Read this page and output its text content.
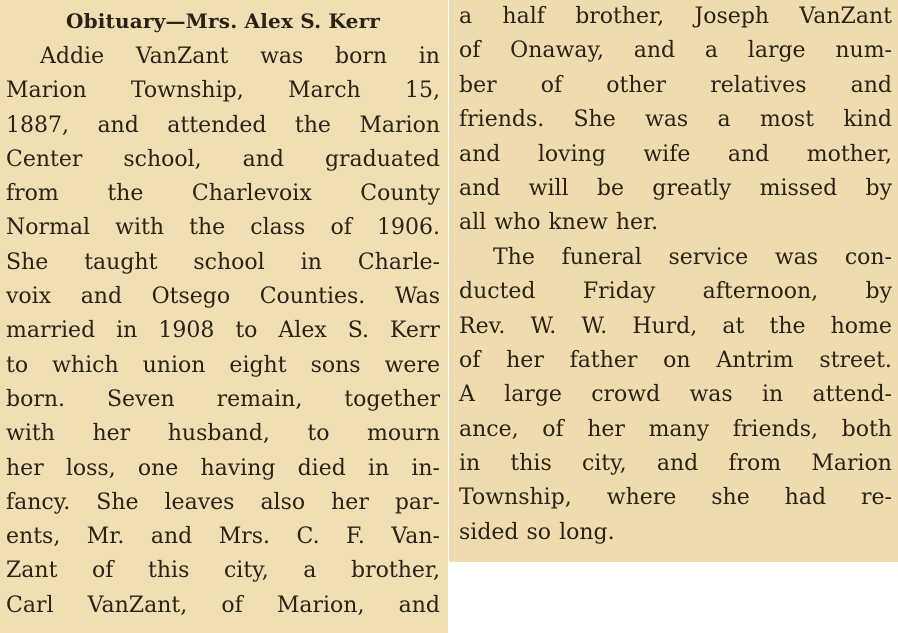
Obituary—Mrs. Alex S. Kerr
Addie VanZant was born in
Marion Township, March 15,
1887, and attended the Marion
Center school, and graduated
from the Charlevoix County
Normal with the class of 1906.
She taught school in Charle-
voix and Otsego Counties. Was
married in 1908 to Alex S. Kerr
to which union eight sons were
born. Seven remain, together
with her husband, to mourn
her loss, one having died in in-
fancy. She leaves also her par-
ents, Mr. and Mrs. C. F. Van-
Zant of this city, a brother,
Carl VanZant, of Marion, and
a half brother, Joseph VanZant
of Onaway, and a large num-
ber of other relatives and
friends. She was a most kind
and loving wife and mother,
and will be greatly missed by
all who knew her.
The funeral service was con-
ducted Friday afternoon, by
Rev. W. W. Hurd, at the home
of her father on Antrim street.
A large crowd was in attend-
ance, of her many friends, both
in this city, and from Marion
Township, where she had re-
sided so long.
